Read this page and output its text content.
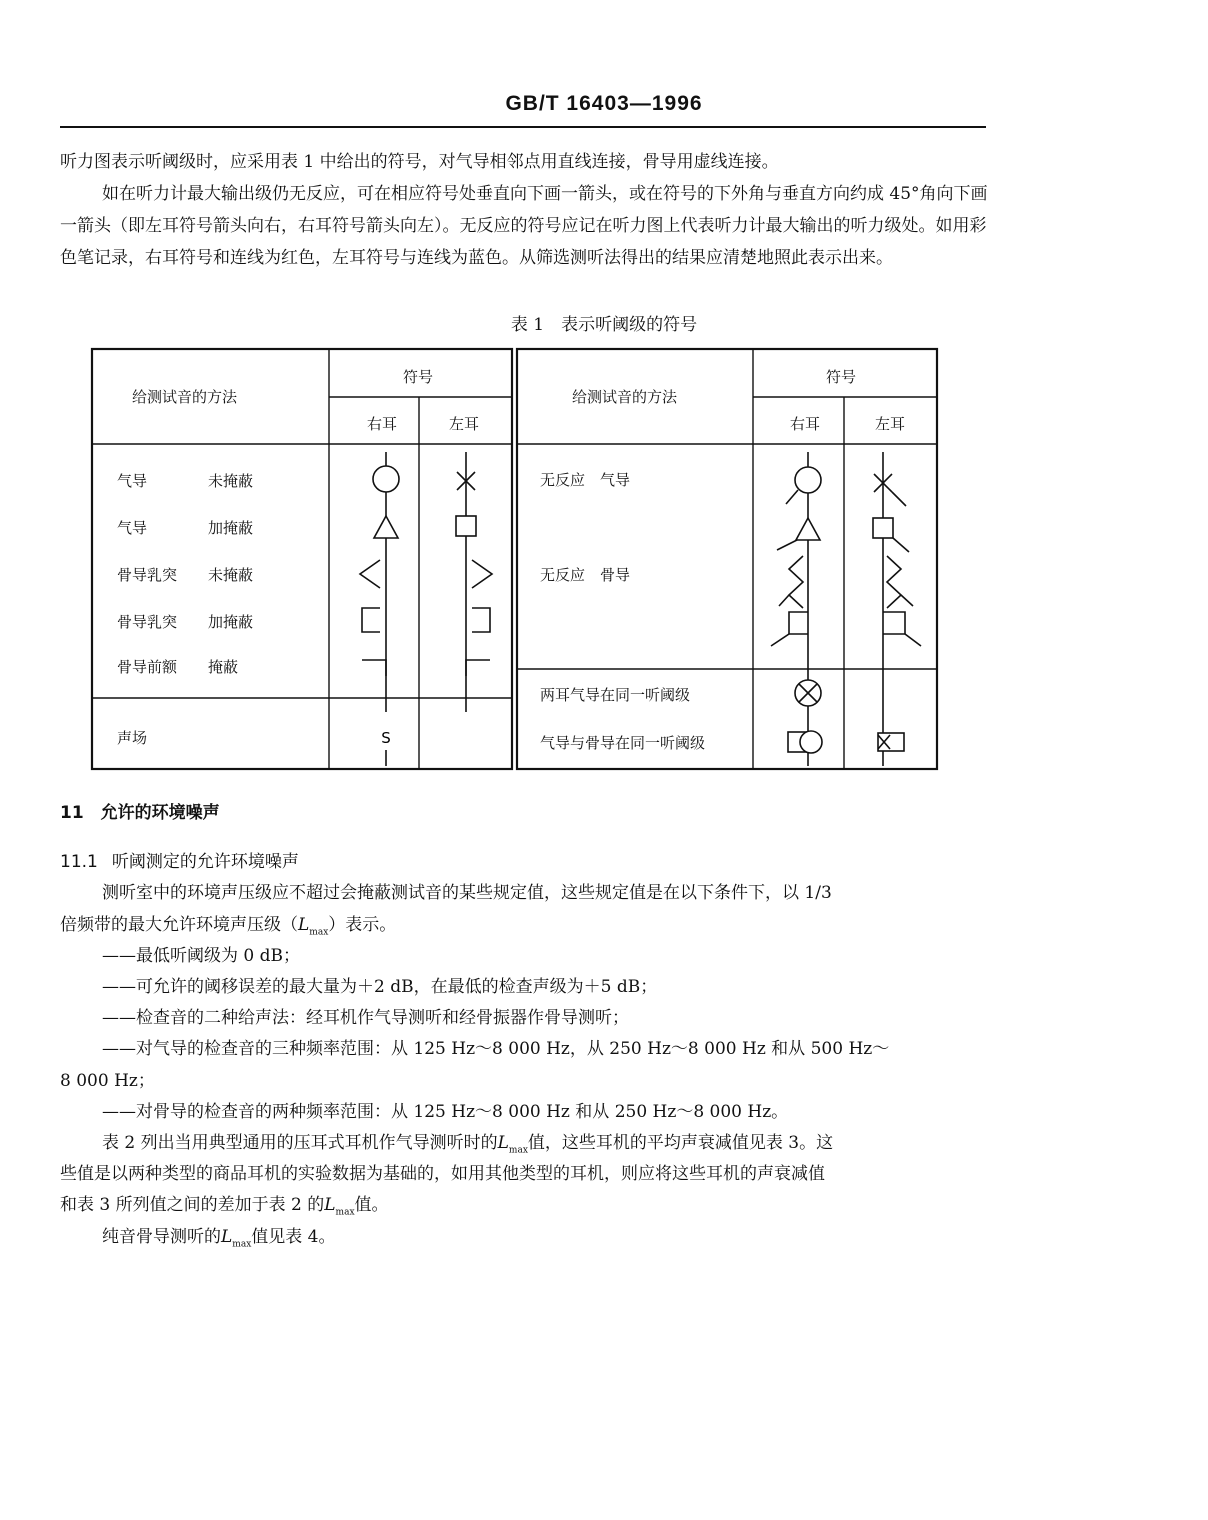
GB/T 16403—1996
听力图表示听阈级时，应采用表 1 中给出的符号，对气导相邻点用直线连接，骨导用虚线连接。
如在听力计最大输出级仍无反应，可在相应符号处垂直向下画一箭头，或在符号的下外角与垂直方向约成 45°角向下画一箭头（即左耳符号箭头向右，右耳符号箭头向左）。无反应的符号应记在听力图上代表听力计最大输出的听力级处。如用彩色笔记录，右耳符号和连线为红色，左耳符号与连线为蓝色。从筛选测听法得出的结果应清楚地照此表示出来。
表 1　表示听阈级的符号
S
给测试音的方法
符号
右耳	左耳
给测试音的方法
符号
右耳	左耳
气导	未掩蔽
气导	加掩蔽
骨导乳突 未掩蔽
骨导乳突 加掩蔽
骨导前额 掩蔽
声场
无反应　气导
无反应　骨导
两耳气导在同一听阈级
气导与骨导在同一听阈级
11　允许的环境噪声
11.1 听阈测定的允许环境噪声
测听室中的环境声压级应不超过会掩蔽测试音的某些规定值，这些规定值是在以下条件下，以 1/3
倍频带的最大允许环境声压级$(L_{max})$表示。
——最低听阈级为 0 dB；
——可允许的阈移误差的最大量为＋2 dB，在最低的检查声级为＋5 dB；
——检查音的二种给声法：经耳机作气导测听和经骨振器作骨导测听；
——对气导的检查音的三种频率范围：从 125 Hz～8 000 Hz，从 250 Hz～8 000 Hz 和从 500 Hz～
8 000 Hz；
——对骨导的检查音的两种频率范围：从 125 Hz～8 000 Hz 和从 250 Hz～8 000 Hz。
表 2 列出当用典型通用的压耳式耳机作气导测听时的$L_{max}$值，这些耳机的平均声衰减值见表 3。这
些值是以两种类型的商品耳机的实验数据为基础的，如用其他类型的耳机，则应将这些耳机的声衰减值
和表 3 所列值之间的差加于表 2 的$L_{max}$值。
纯音骨导测听的$L_{max}$值见表 4。
